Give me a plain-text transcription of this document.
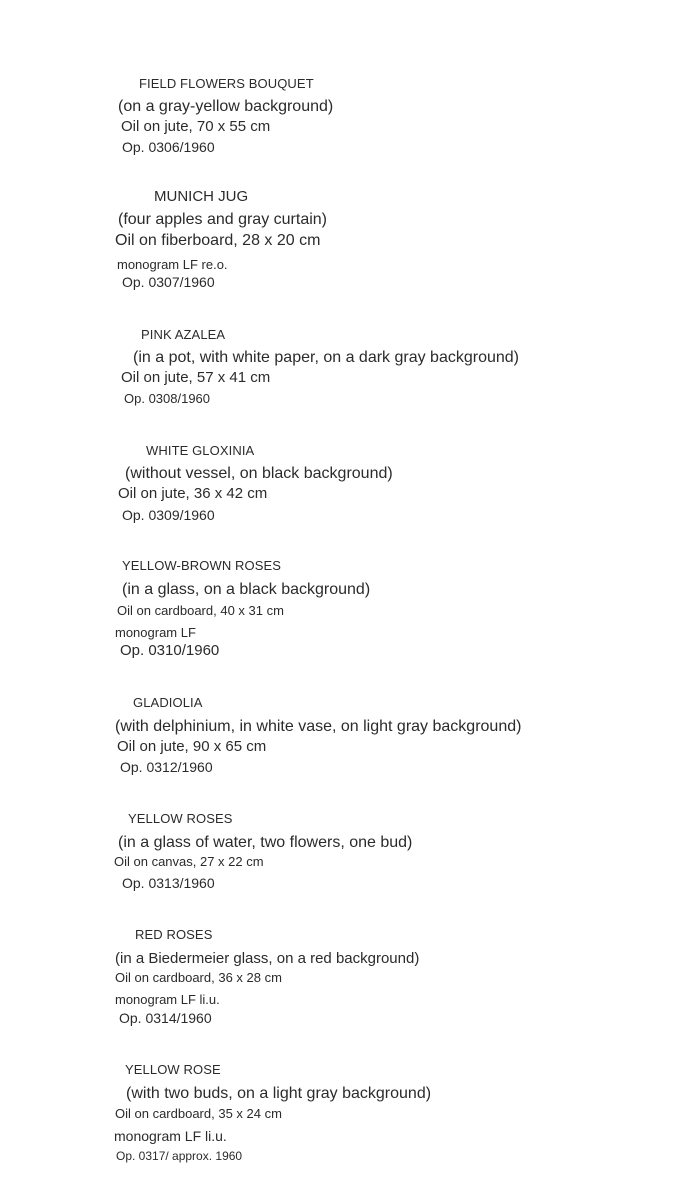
FIELD FLOWERS BOUQUET
(on a gray-yellow background)
Oil on jute, 70 x 55 cm
Op. 0306/1960
MUNICH JUG
(four apples and gray curtain)
Oil on fiberboard, 28 x 20 cm
monogram LF re.o.
Op. 0307/1960
PINK AZALEA
(in a pot, with white paper, on a dark gray background)
Oil on jute, 57 x 41 cm
Op. 0308/1960
WHITE GLOXINIA
(without vessel, on black background)
Oil on jute, 36 x 42 cm
Op. 0309/1960
YELLOW-BROWN ROSES
(in a glass, on a black background)
Oil on cardboard, 40 x 31 cm
monogram LF
Op. 0310/1960
GLADIOLIA
(with delphinium, in white vase, on light gray background)
Oil on jute, 90 x 65 cm
Op. 0312/1960
YELLOW ROSES
(in a glass of water, two flowers, one bud)
Oil on canvas, 27 x 22 cm
Op. 0313/1960
RED ROSES
(in a Biedermeier glass, on a red background)
Oil on cardboard, 36 x 28 cm
monogram LF li.u.
Op. 0314/1960
YELLOW ROSE
(with two buds, on a light gray background)
Oil on cardboard, 35 x 24 cm
monogram LF li.u.
Op. 0317/ approx. 1960
